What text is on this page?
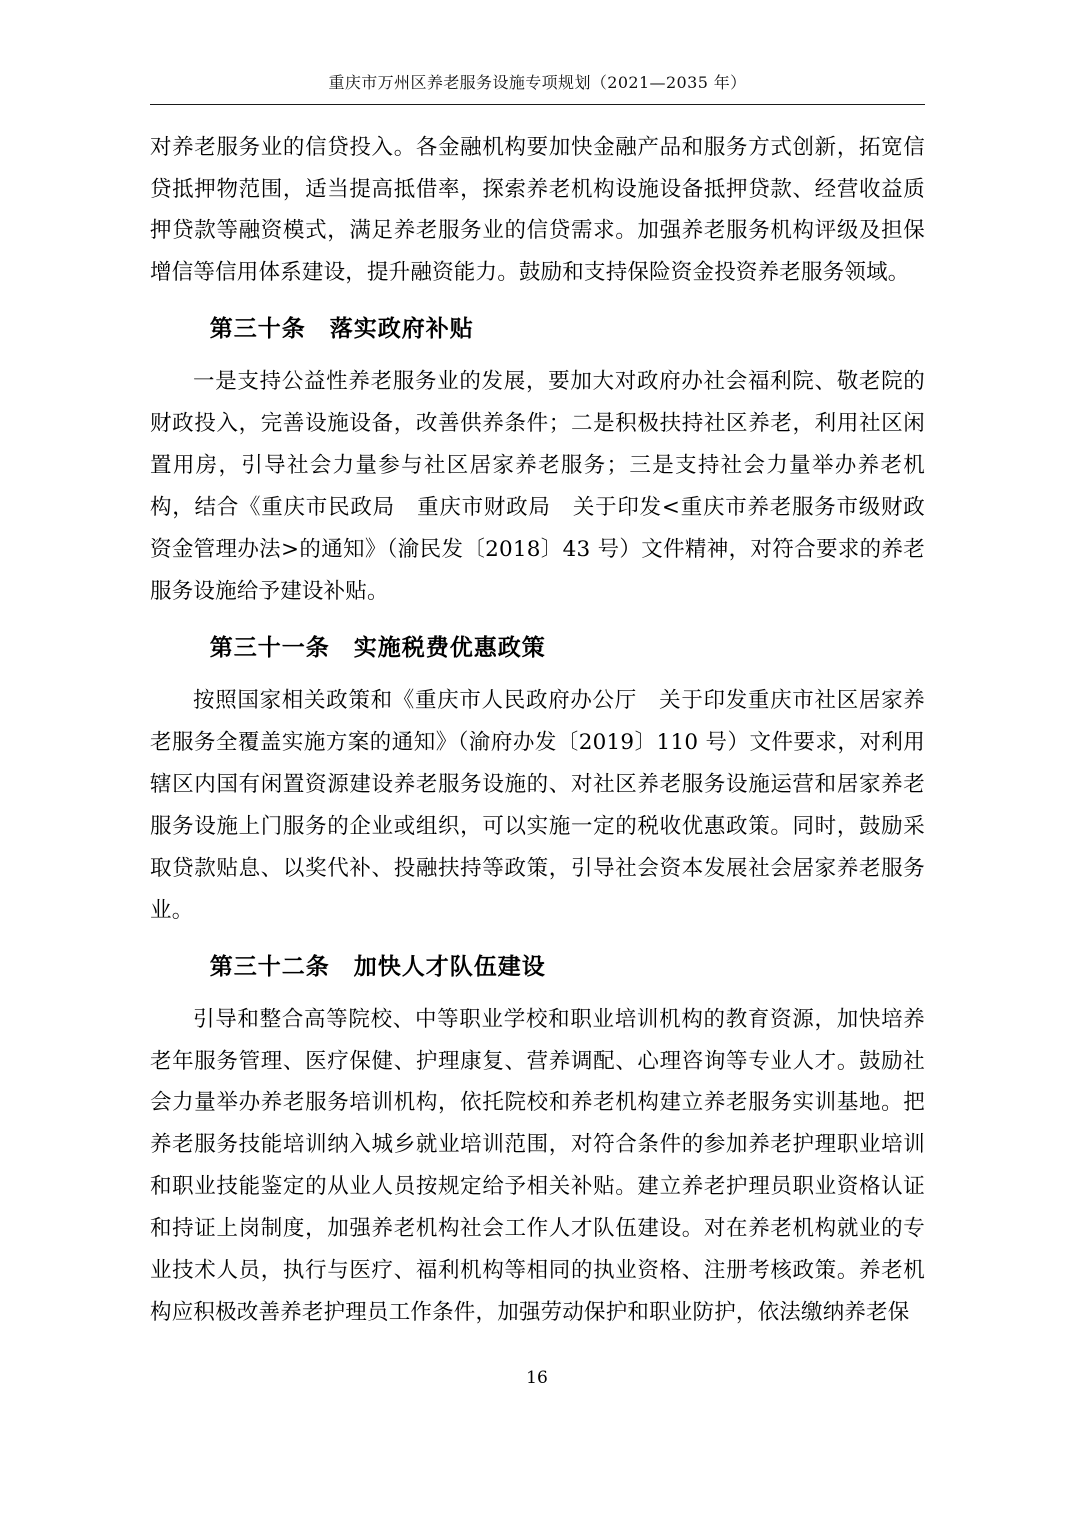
重庆市万州区养老服务设施专项规划（2021—2035 年）

对养老服务业的信贷投入。各金融机构要加快金融产品和服务方式创新，拓宽信贷抵押物范围，适当提高抵借率，探索养老机构设施设备抵押贷款、经营收益质押贷款等融资模式，满足养老服务业的信贷需求。加强养老服务机构评级及担保增信等信用体系建设，提升融资能力。鼓励和支持保险资金投资养老服务领域。

第三十条　落实政府补贴

一是支持公益性养老服务业的发展，要加大对政府办社会福利院、敬老院的财政投入，完善设施设备，改善供养条件；二是积极扶持社区养老，利用社区闲置用房，引导社会力量参与社区居家养老服务；三是支持社会力量举办养老机构，结合《重庆市民政局　重庆市财政局　关于印发<重庆市养老服务市级财政资金管理办法>的通知》（渝民发〔2018〕43 号）文件精神，对符合要求的养老服务设施给予建设补贴。

第三十一条　实施税费优惠政策

按照国家相关政策和《重庆市人民政府办公厅　关于印发重庆市社区居家养老服务全覆盖实施方案的通知》（渝府办发〔2019〕110 号）文件要求，对利用辖区内国有闲置资源建设养老服务设施的、对社区养老服务设施运营和居家养老服务设施上门服务的企业或组织，可以实施一定的税收优惠政策。同时，鼓励采取贷款贴息、以奖代补、投融扶持等政策，引导社会资本发展社会居家养老服务业。

第三十二条　加快人才队伍建设

引导和整合高等院校、中等职业学校和职业培训机构的教育资源，加快培养老年服务管理、医疗保健、护理康复、营养调配、心理咨询等专业人才。鼓励社会力量举办养老服务培训机构，依托院校和养老机构建立养老服务实训基地。把养老服务技能培训纳入城乡就业培训范围，对符合条件的参加养老护理职业培训和职业技能鉴定的从业人员按规定给予相关补贴。建立养老护理员职业资格认证和持证上岗制度，加强养老机构社会工作人才队伍建设。对在养老机构就业的专业技术人员，执行与医疗、福利机构等相同的执业资格、注册考核政策。养老机构应积极改善养老护理员工作条件，加强劳动保护和职业防护，依法缴纳养老保

16
